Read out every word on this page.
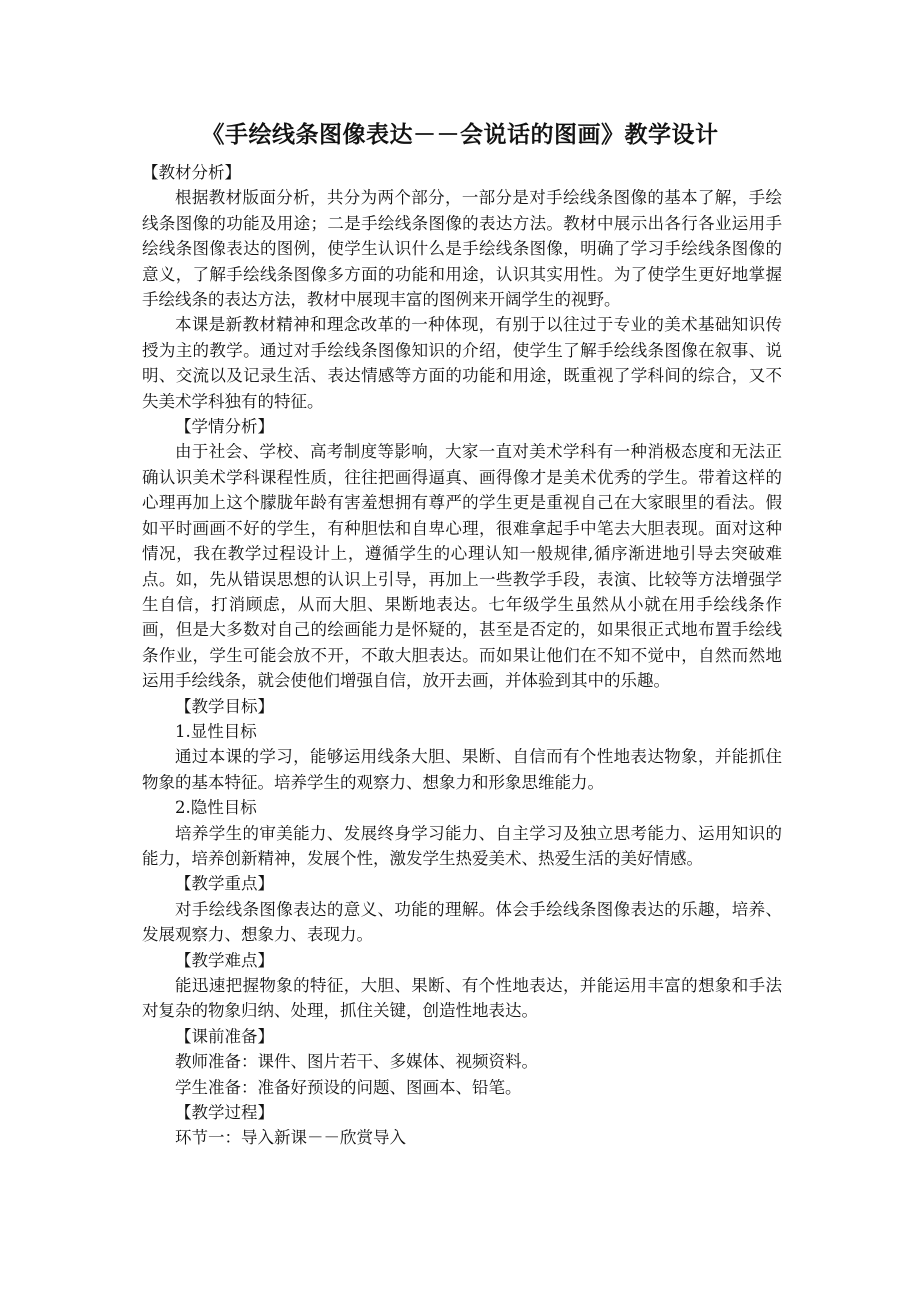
《手绘线条图像表达－－会说话的图画》教学设计

【教材分析】

根据教材版面分析，共分为两个部分，一部分是对手绘线条图像的基本了解，手绘线条图像的功能及用途；二是手绘线条图像的表达方法。教材中展示出各行各业运用手绘线条图像表达的图例，使学生认识什么是手绘线条图像，明确了学习手绘线条图像的意义，了解手绘线条图像多方面的功能和用途，认识其实用性。为了使学生更好地掌握手绘线条的表达方法，教材中展现丰富的图例来开阔学生的视野。

本课是新教材精神和理念改革的一种体现，有别于以往过于专业的美术基础知识传授为主的教学。通过对手绘线条图像知识的介绍，使学生了解手绘线条图像在叙事、说明、交流以及记录生活、表达情感等方面的功能和用途，既重视了学科间的综合，又不失美术学科独有的特征。

【学情分析】

由于社会、学校、高考制度等影响，大家一直对美术学科有一种消极态度和无法正确认识美术学科课程性质，往往把画得逼真、画得像才是美术优秀的学生。带着这样的心理再加上这个朦胧年龄有害羞想拥有尊严的学生更是重视自己在大家眼里的看法。假如平时画画不好的学生，有种胆怯和自卑心理，很难拿起手中笔去大胆表现。面对这种情况，我在教学过程设计上，遵循学生的心理认知一般规律,循序渐进地引导去突破难点。如，先从错误思想的认识上引导，再加上一些教学手段，表演、比较等方法增强学生自信，打消顾虑，从而大胆、果断地表达。七年级学生虽然从小就在用手绘线条作画，但是大多数对自己的绘画能力是怀疑的，甚至是否定的，如果很正式地布置手绘线条作业，学生可能会放不开，不敢大胆表达。而如果让他们在不知不觉中，自然而然地运用手绘线条，就会使他们增强自信，放开去画，并体验到其中的乐趣。

【教学目标】

1.显性目标

通过本课的学习，能够运用线条大胆、果断、自信而有个性地表达物象，并能抓住物象的基本特征。培养学生的观察力、想象力和形象思维能力。

2.隐性目标

培养学生的审美能力、发展终身学习能力、自主学习及独立思考能力、运用知识的能力，培养创新精神，发展个性，激发学生热爱美术、热爱生活的美好情感。

【教学重点】

对手绘线条图像表达的意义、功能的理解。体会手绘线条图像表达的乐趣，培养、发展观察力、想象力、表现力。

【教学难点】

能迅速把握物象的特征，大胆、果断、有个性地表达，并能运用丰富的想象和手法对复杂的物象归纳、处理，抓住关键，创造性地表达。

【课前准备】

教师准备：课件、图片若干、多媒体、视频资料。

学生准备：准备好预设的问题、图画本、铅笔。

【教学过程】

环节一：导入新课－－欣赏导入
